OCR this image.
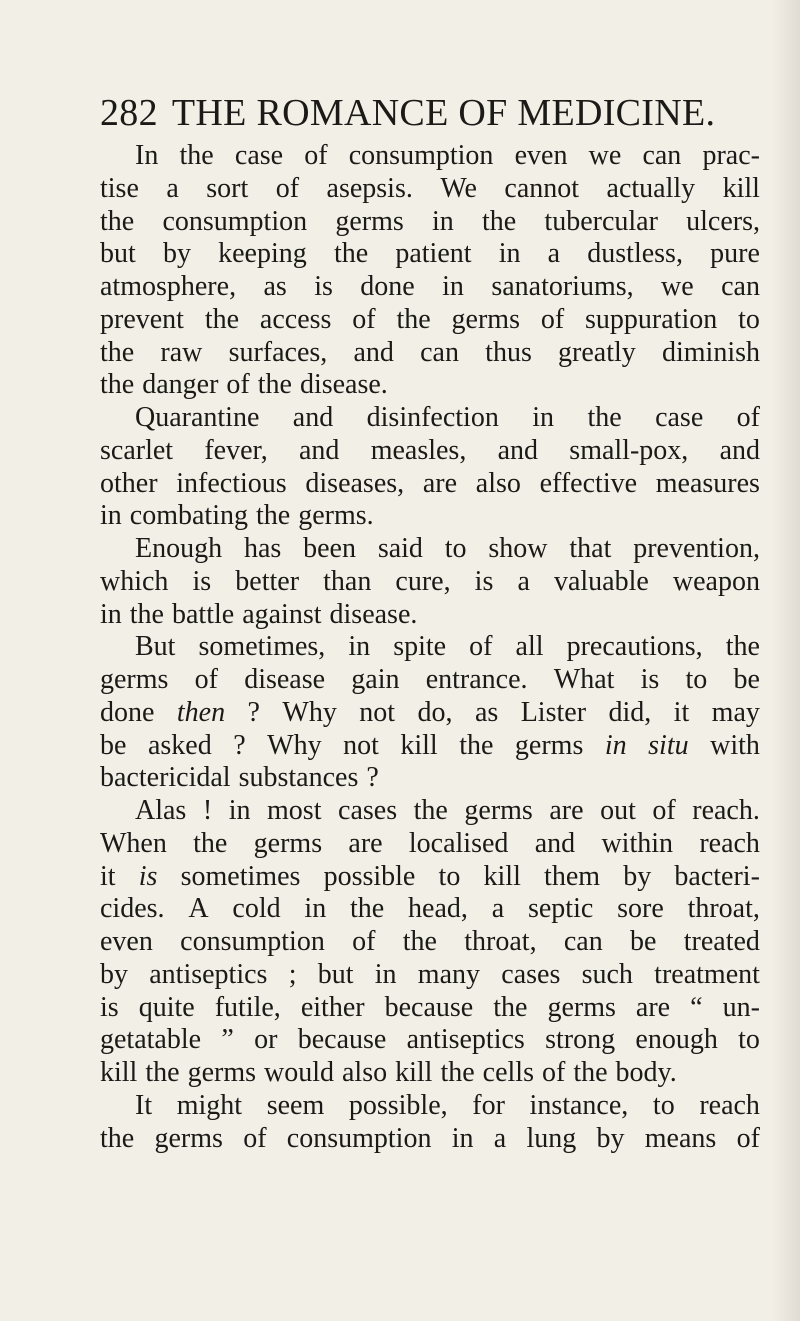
282 THE ROMANCE OF MEDICINE.
In the case of consumption even we can prac-
tise a sort of asepsis. We cannot actually kill
the consumption germs in the tubercular ulcers,
but by keeping the patient in a dustless, pure
atmosphere, as is done in sanatoriums, we can
prevent the access of the germs of suppuration to
the raw surfaces, and can thus greatly diminish
the danger of the disease.
Quarantine and disinfection in the case of
scarlet fever, and measles, and small-pox, and
other infectious diseases, are also effective measures
in combating the germs.
Enough has been said to show that prevention,
which is better than cure, is a valuable weapon
in the battle against disease.
But sometimes, in spite of all precautions, the
germs of disease gain entrance. What is to be
done then ? Why not do, as Lister did, it may
be asked ? Why not kill the germs in situ with
bactericidal substances ?
Alas ! in most cases the germs are out of reach.
When the germs are localised and within reach
it is sometimes possible to kill them by bacteri-
cides. A cold in the head, a septic sore throat,
even consumption of the throat, can be treated
by antiseptics ; but in many cases such treatment
is quite futile, either because the germs are “ un-
getatable ” or because antiseptics strong enough to
kill the germs would also kill the cells of the body.
It might seem possible, for instance, to reach
the germs of consumption in a lung by means of
